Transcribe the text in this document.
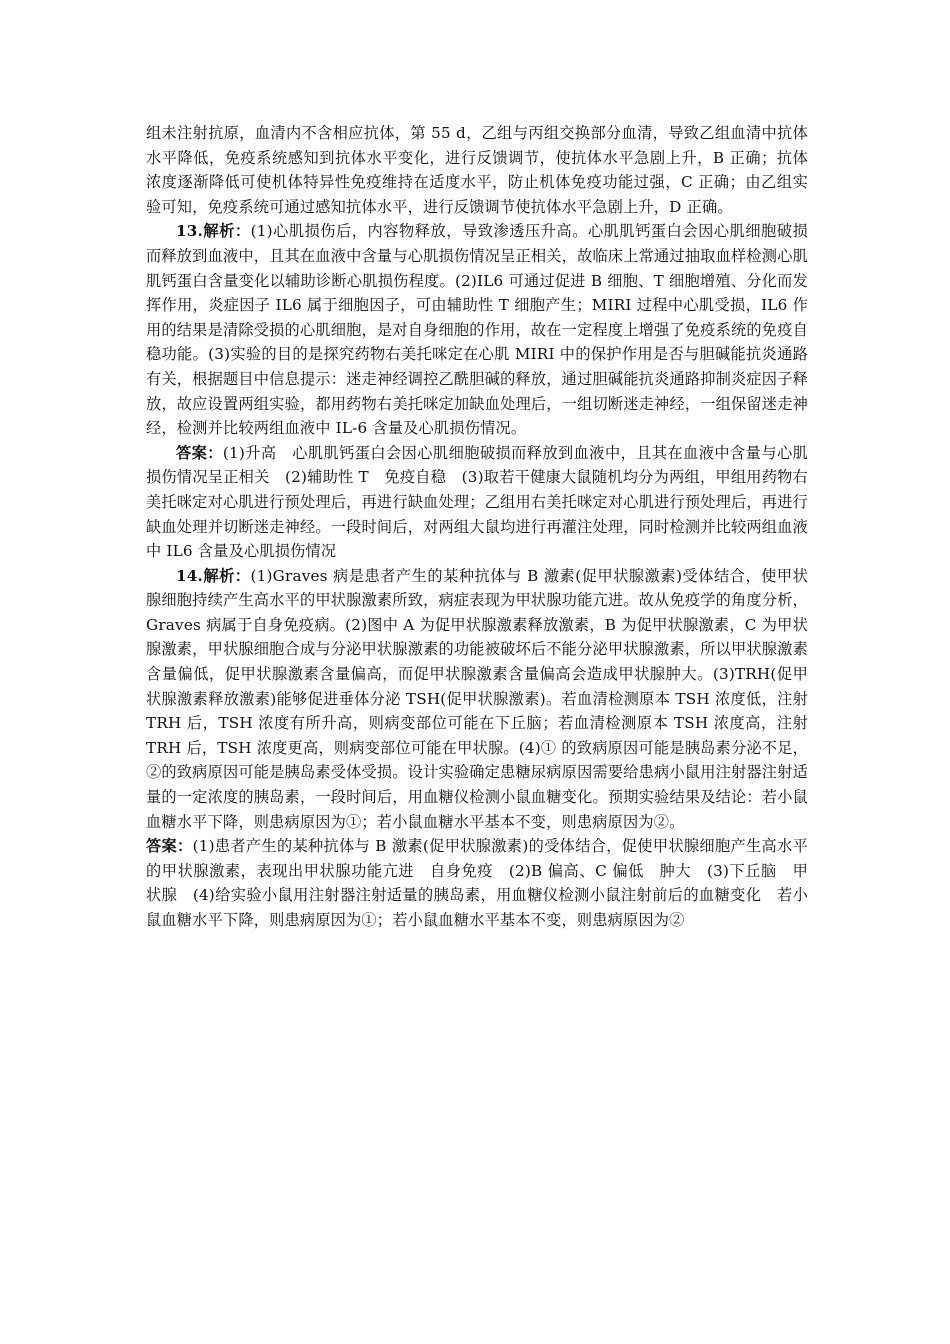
组未注射抗原，血清内不含相应抗体，第 55 d，乙组与丙组交换部分血清，导致乙组血清中抗体水平降低，免疫系统感知到抗体水平变化，进行反馈调节，使抗体水平急剧上升，B 正确；抗体浓度逐渐降低可使机体特异性免疫维持在适度水平，防止机体免疫功能过强，C 正确；由乙组实验可知，免疫系统可通过感知抗体水平，进行反馈调节使抗体水平急剧上升，D 正确。

13.解析：(1)心肌损伤后，内容物释放，导致渗透压升高。心肌肌钙蛋白会因心肌细胞破损而释放到血液中，且其在血液中含量与心肌损伤情况呈正相关，故临床上常通过抽取血样检测心肌肌钙蛋白含量变化以辅助诊断心肌损伤程度。(2)IL6 可通过促进 B 细胞、T 细胞增殖、分化而发挥作用，炎症因子 IL6 属于细胞因子，可由辅助性 T 细胞产生；MIRI 过程中心肌受损，IL6 作用的结果是清除受损的心肌细胞，是对自身细胞的作用，故在一定程度上增强了免疫系统的免疫自稳功能。(3)实验的目的是探究药物右美托咪定在心肌 MIRI 中的保护作用是否与胆碱能抗炎通路有关，根据题目中信息提示：迷走神经调控乙酰胆碱的释放，通过胆碱能抗炎通路抑制炎症因子释放，故应设置两组实验，都用药物右美托咪定加缺血处理后，一组切断迷走神经，一组保留迷走神经，检测并比较两组血液中 IL-6 含量及心肌损伤情况。

答案：(1)升高　心肌肌钙蛋白会因心肌细胞破损而释放到血液中，且其在血液中含量与心肌损伤情况呈正相关　(2)辅助性 T　免疫自稳　(3)取若干健康大鼠随机均分为两组，甲组用药物右美托咪定对心肌进行预处理后，再进行缺血处理；乙组用右美托咪定对心肌进行预处理后，再进行缺血处理并切断迷走神经。一段时间后，对两组大鼠均进行再灌注处理，同时检测并比较两组血液中 IL6 含量及心肌损伤情况

14.解析：(1)Graves 病是患者产生的某种抗体与 B 激素(促甲状腺激素)受体结合，使甲状腺细胞持续产生高水平的甲状腺激素所致，病症表现为甲状腺功能亢进。故从免疫学的角度分析，Graves 病属于自身免疫病。(2)图中 A 为促甲状腺激素释放激素，B 为促甲状腺激素，C 为甲状腺激素，甲状腺细胞合成与分泌甲状腺激素的功能被破坏后不能分泌甲状腺激素，所以甲状腺激素含量偏低，促甲状腺激素含量偏高，而促甲状腺激素含量偏高会造成甲状腺肿大。(3)TRH(促甲状腺激素释放激素)能够促进垂体分泌 TSH(促甲状腺激素)。若血清检测原本 TSH 浓度低，注射 TRH 后，TSH 浓度有所升高，则病变部位可能在下丘脑；若血清检测原本 TSH 浓度高，注射 TRH 后，TSH 浓度更高，则病变部位可能在甲状腺。(4)① 的致病原因可能是胰岛素分泌不足，②的致病原因可能是胰岛素受体受损。设计实验确定患糖尿病原因需要给患病小鼠用注射器注射适量的一定浓度的胰岛素，一段时间后，用血糖仪检测小鼠血糖变化。预期实验结果及结论：若小鼠血糖水平下降，则患病原因为①；若小鼠血糖水平基本不变，则患病原因为②。

答案：(1)患者产生的某种抗体与 B 激素(促甲状腺激素)的受体结合，促使甲状腺细胞产生高水平的甲状腺激素，表现出甲状腺功能亢进　自身免疫　(2)B 偏高、C 偏低　肿大　(3)下丘脑　甲状腺　(4)给实验小鼠用注射器注射适量的胰岛素，用血糖仪检测小鼠注射前后的血糖变化　若小鼠血糖水平下降，则患病原因为①；若小鼠血糖水平基本不变，则患病原因为②
